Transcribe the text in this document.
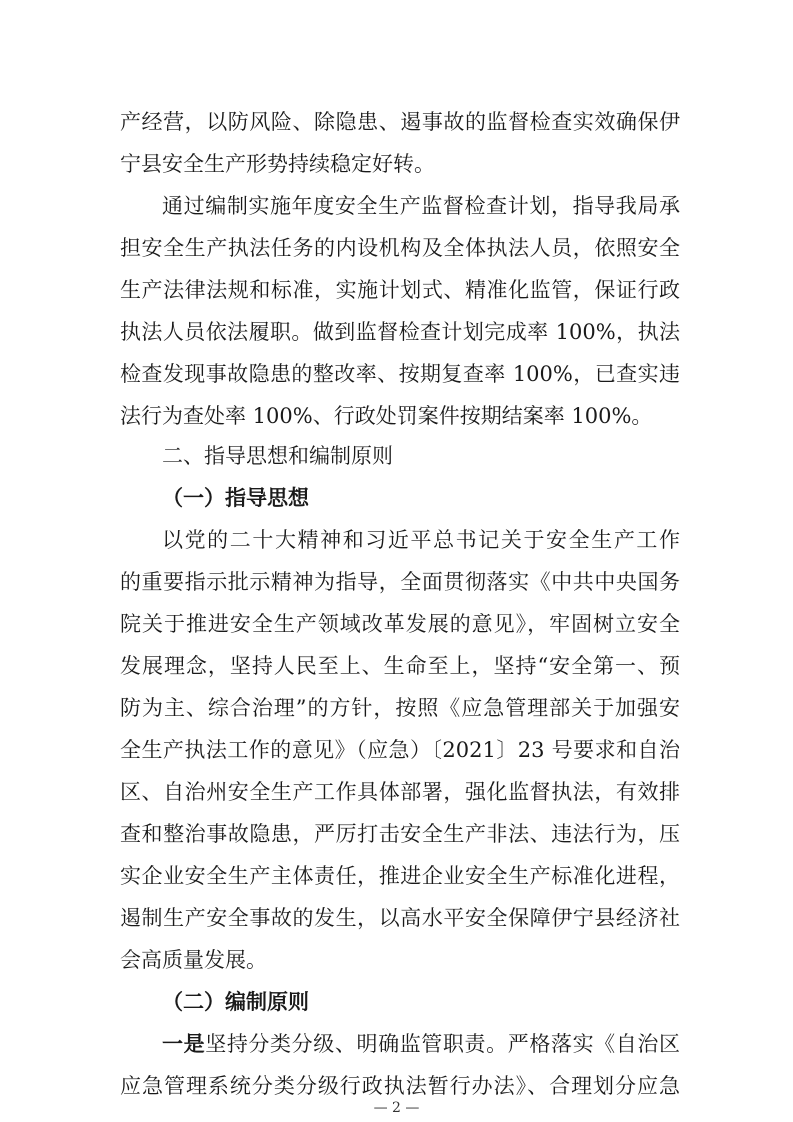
产经营，以防风险、除隐患、遏事故的监督检查实效确保伊
宁县安全生产形势持续稳定好转。
通过编制实施年度安全生产监督检查计划，指导我局承
担安全生产执法任务的内设机构及全体执法人员，依照安全
生产法律法规和标准，实施计划式、精准化监管，保证行政
执法人员依法履职。做到监督检查计划完成率 100%，执法
检查发现事故隐患的整改率、按期复查率 100%，已查实违
法行为查处率 100%、行政处罚案件按期结案率 100%。
二、指导思想和编制原则
（一）指导思想
以党的二十大精神和习近平总书记关于安全生产工作
的重要指示批示精神为指导，全面贯彻落实《中共中央国务
院关于推进安全生产领域改革发展的意见》，牢固树立安全
发展理念，坚持人民至上、生命至上，坚持“安全第一、预
防为主、综合治理”的方针，按照《应急管理部关于加强安
全生产执法工作的意见》（应急）〔2021〕23 号要求和自治
区、自治州安全生产工作具体部署，强化监督执法，有效排
查和整治事故隐患，严厉打击安全生产非法、违法行为，压
实企业安全生产主体责任，推进企业安全生产标准化进程，
遏制生产安全事故的发生，以高水平安全保障伊宁县经济社
会高质量发展。
（二）编制原则
一是坚持分类分级、明确监管职责。严格落实《自治区
应急管理系统分类分级行政执法暂行办法》、合理划分应急
— 2 —
